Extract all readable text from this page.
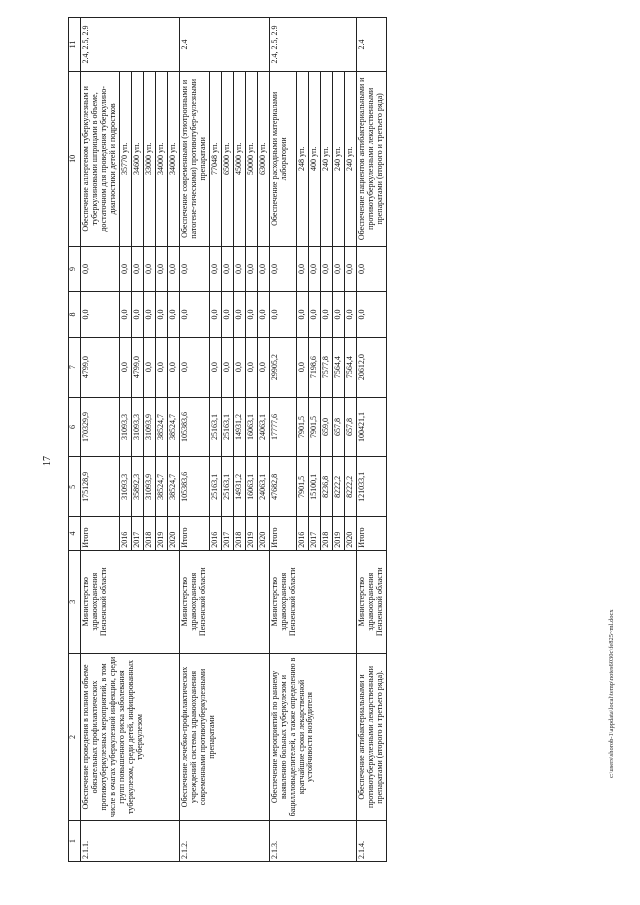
17
1	2	3	4	5	6	7	8	9	10	11
2.1.1.	Обеспечение проведения в полном объеме обязательных профилактических противотуберкулезных мероприятий, в том числе в очагах туберкулезной инфекции, среди групп повышенного риска заболевания туберкулезом, среди детей, инфицированных туберкулезом	Министерство здравоохранения Пензенской области	Итого	175128,9	170329,9	4799,0	0,0	0,0	Обеспечение аллергеном туберкулезным и туберкулиновыми шприцами в объеме, достаточном для проведения туберкулино-диагностики детей и подростков	2.4, 2.5, 2.9
			2016	31093,3	31093,3	0,0	0,0	0,0	35770 уп.	
			2017	35892,3	31093,3	4799,0	0,0	0,0	34600 уп.	
			2018	31093,9	31093,9	0,0	0,0	0,0	33000 уп.	
			2019	38524,7	38524,7	0,0	0,0	0,0	34000 уп.	
			2020	38524,7	38524,7	0,0	0,0	0,0	34000 уп.	
2.1.2.	Обеспечение лечебно-профилактических учреждений системы здравоохранения современными противотуберкулезными препаратами	Министерство здравоохранения Пензенской области	Итого	105383,6	105383,6	0,0	0,0	0,0	Обеспечение современными (этиотропными и патогене-тическими) противотубер-кулезными препаратами	2.4
			2016	25163,1	25163,1	0,0	0,0	0,0	77048 уп.	
			2017	25163,1	25163,1	0,0	0,0	0,0	65000 уп.	
			2018	14931,2	14931,2	0,0	0,0	0,0	45000 уп.	
			2019	16063,1	16063,1	0,0	0,0	0,0	50000 уп.	
			2020	24063,1	24063,1	0,0	0,0	0,0	63000 уп.	
2.1.3.	Обеспечение мероприятий по раннему выявлению больных туберкулезом и бациллловыделителей, а также определению в кратчайшие сроки лекарственной устойчивости возбудителя	Министерство здравоохранения Пензенской области	Итого	47682,8	17777,6	29905,2	0,0	0,0	Обеспечение расходными материалами лаборатории	2.4, 2.5, 2.9
			2016	7901,5	7901,5	0,0	0,0	0,0	248 уп.	
			2017	15100,1	7901,5	7198,6	0,0	0,0	400 уп.	
			2018	8236,8	659,0	7577,8	0,0	0,0	240 уп.	
			2019	8222,2	657,8	7564,4	0,0	0,0	240 уп.	
			2020	8222,2	657,8	7564,4	0,0	0,0	240 уп.	
2.1.4.	Обеспечение антибактериальными и противотуберкулезными лекарственными препаратами (второго и третьего ряда).	Министерство здравоохранения Пензенской области	Итого	121033,1	100421,1	20612,0	0,0	0,0	Обеспечение пациентов антибактериальными и противотуберкулезными лекарственными препаратами (второго и третьего ряда)	2.4
c:\users\shorob-1\appdata\local\temp\notes6030c\fe825~ml.docx
